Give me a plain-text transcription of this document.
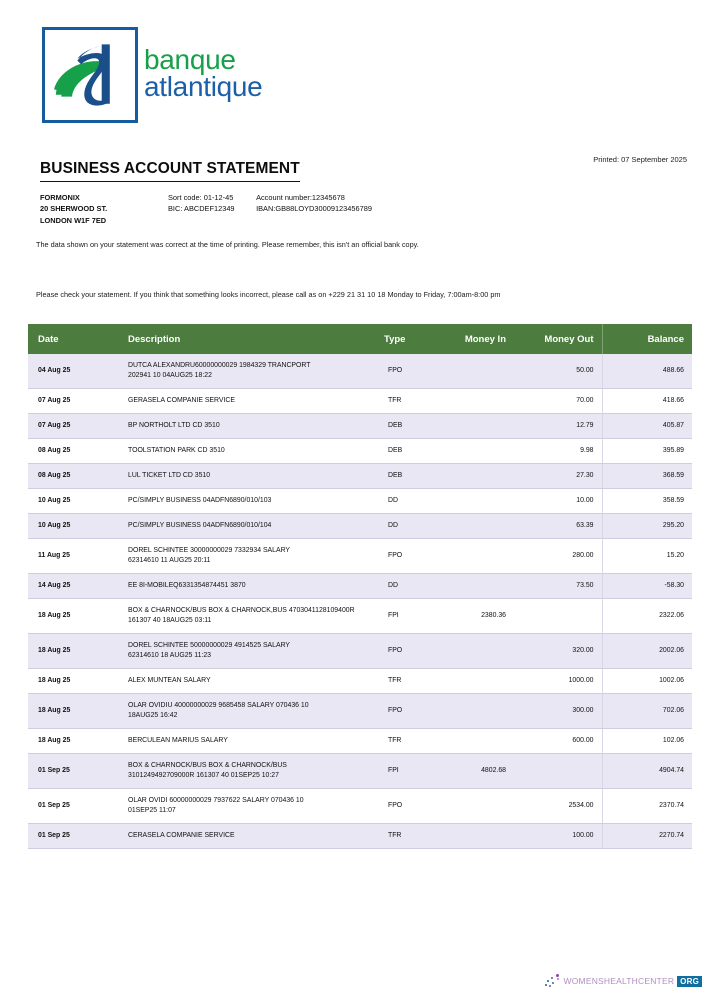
banque
atlantique
BUSINESS ACCOUNT STATEMENT
Printed: 07 September 2025
FORMONIX
20 SHERWOOD ST.
LONDON W1F 7ED
Sort code: 01-12-45	Account number:12345678
BIC: ABCDEF12349	IBAN:GB88LOYD30009123456789
The data shown on your statement was correct at the time of printing. Please remember, this isn't an official bank copy.
Please check your statement. If you think that something looks incorrect, please call as on +229 21 31 10 18 Monday to Friday, 7:00am-8:00 pm
Date	Description	Type	Money In	Money Out	Balance
04 Aug 25	DUTCA ALEXANDRU60000000029 1984329 TRANCPORT
202941 10 04AUG25 18:22	FPO		50.00	488.66
07 Aug 25	GERASELA COMPANIE SERVICE	TFR		70.00	418.66
07 Aug 25	BP NORTHOLT LTD CD 3510	DEB		12.79	405.87
08 Aug 25	TOOLSTATION PARK CD 3510	DEB		9.98	395.89
08 Aug 25	LUL TICKET LTD CD 3510	DEB		27.30	368.59
10 Aug 25	PC/SIMPLY BUSINESS 04ADFN6890/010/103	DD		10.00	358.59
10 Aug 25	PC/SIMPLY BUSINESS 04ADFN6890/010/104	DD		63.39	295.20
11 Aug 25	DOREL SCHINTEE 30000000029 7332934 SALARY
62314610 11 AUG25 20:11	FPO		280.00	15.20
14 Aug 25	EE 8I-MOBILEQ6331354874451 3870	DD		73.50	-58.30
18 Aug 25	BOX & CHARNOCK/BUS BOX & CHARNOCK,BUS 4703041128109400R
161307 40 18AUG25 03:11	FPI	2380.36		2322.06
18 Aug 25	DOREL SCHINTEE 50000000029 4914525 SALARY
62314610 18 AUG25 11:23	FPO		320.00	2002.06
18 Aug 25	ALEX MUNTEAN SALARY	TFR		1000.00	1002.06
18 Aug 25	OLAR OVIDIU 40000000029 9685458 SALARY 070436 10
18AUG25 16:42	FPO		300.00	702.06
18 Aug 25	BERCULEAN MARIUS SALARY	TFR		600.00	102.06
01 Sep 25	BOX & CHARNOCK/BUS BOX & CHARNOCK/BUS
3101249492709000R 161307 40 01SEP25 10:27	FPI	4802.68		4904.74
01 Sep 25	OLAR OVIDI 60000000029 7937622 SALARY 070436 10
01SEP25 11:07	FPO		2534.00	2370.74
01 Sep 25	CERASELA COMPANIE SERVICE	TFR		100.00	2270.74
WOMENSHEALTHCENTER ORG
